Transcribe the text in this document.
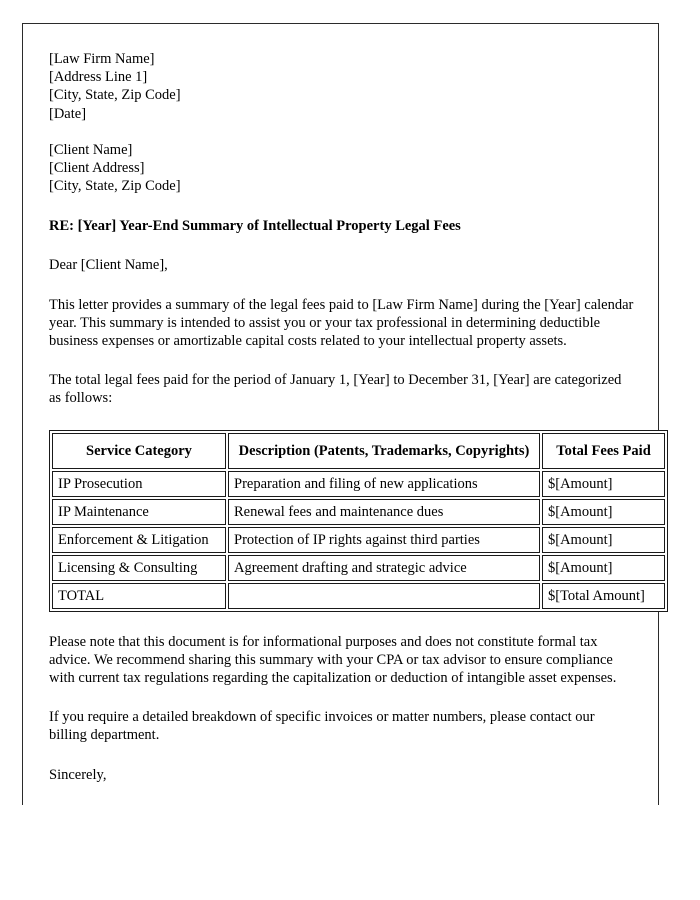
[Law Firm Name]
[Address Line 1]
[City, State, Zip Code]
[Date]
[Client Name]
[Client Address]
[City, State, Zip Code]
RE: [Year] Year-End Summary of Intellectual Property Legal Fees

Dear [Client Name],

This letter provides a summary of the legal fees paid to [Law Firm Name] during the [Year] calendar year. This summary is intended to assist you or your tax professional in determining deductible business expenses or amortizable capital costs related to your intellectual property assets.

The total legal fees paid for the period of January 1, [Year] to December 31, [Year] are categorized as follows:

Service Category	Description (Patents, Trademarks, Copyrights)	Total Fees Paid
IP Prosecution	Preparation and filing of new applications	$[Amount]
IP Maintenance	Renewal fees and maintenance dues	$[Amount]
Enforcement & Litigation	Protection of IP rights against third parties	$[Amount]
Licensing & Consulting	Agreement drafting and strategic advice	$[Amount]
TOTAL		$[Total Amount]

Please note that this document is for informational purposes and does not constitute formal tax advice. We recommend sharing this summary with your CPA or tax advisor to ensure compliance with current tax regulations regarding the capitalization or deduction of intangible asset expenses.

If you require a detailed breakdown of specific invoices or matter numbers, please contact our billing department.

Sincerely,
